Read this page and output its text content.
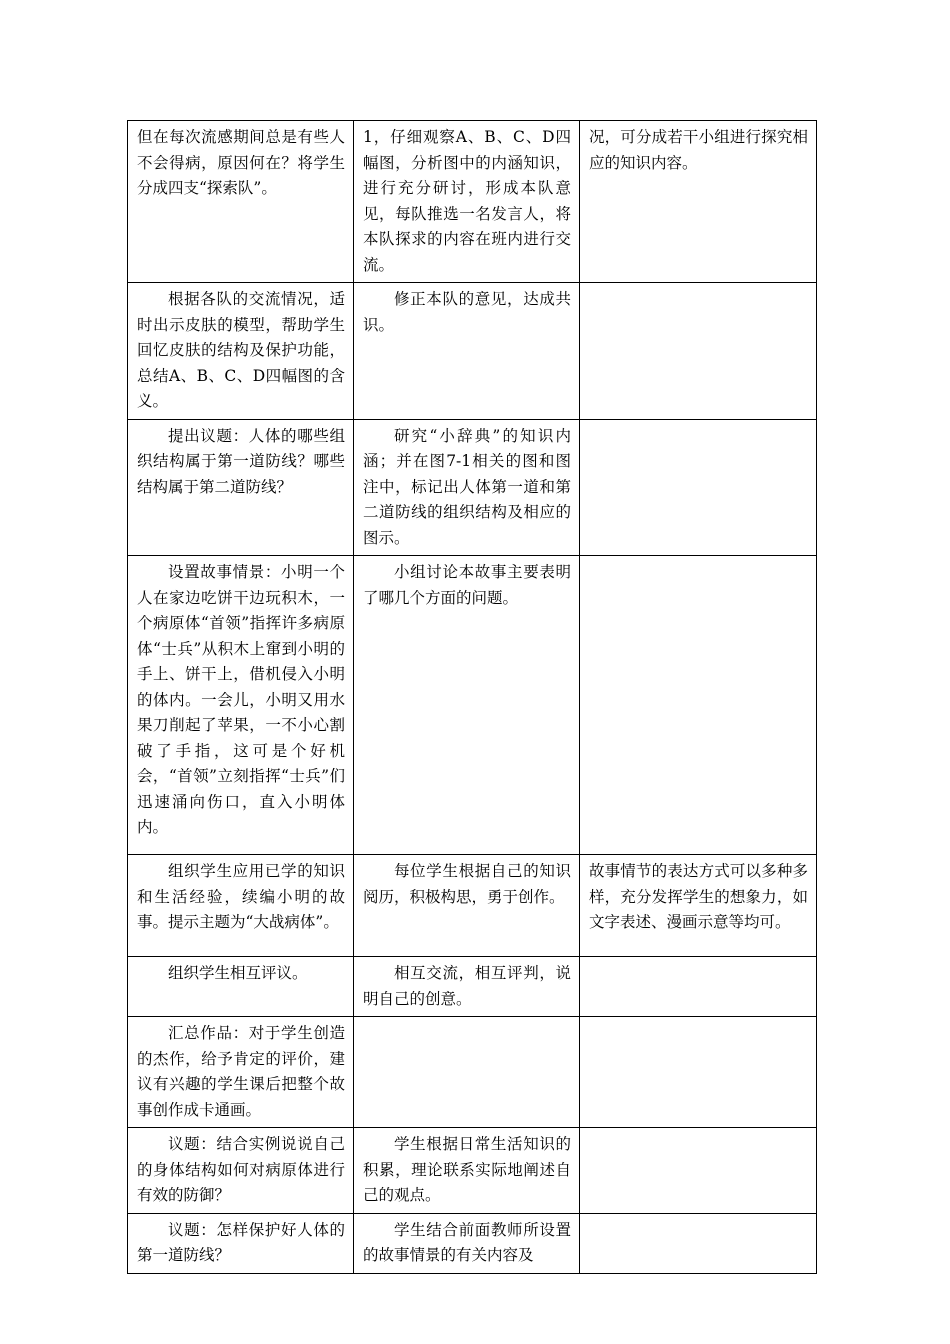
但在每次流感期间总是有些人不会得病，原因何在？将学生分成四支“探索队”。	1，仔细观察A、B、C、D四幅图，分析图中的内涵知识，进行充分研讨，形成本队意见，每队推选一名发言人，将本队探求的内容在班内进行交流。	况，可分成若干小组进行探究相应的知识内容。
根据各队的交流情况，适时出示皮肤的模型，帮助学生回忆皮肤的结构及保护功能，总结A、B、C、D四幅图的含义。	修正本队的意见，达成共识。	
提出议题：人体的哪些组织结构属于第一道防线？哪些结构属于第二道防线？	研究“小辞典”的知识内涵；并在图7-1相关的图和图注中，标记出人体第一道和第二道防线的组织结构及相应的图示。	
设置故事情景：小明一个人在家边吃饼干边玩积木，一个病原体“首领”指挥许多病原体“士兵”从积木上窜到小明的手上、饼干上，借机侵入小明的体内。一会儿，小明又用水果刀削起了苹果，一不小心割破了手指，这可是个好机会，“首领”立刻指挥“士兵”们迅速涌向伤口，直入小明体内。	小组讨论本故事主要表明了哪几个方面的问题。	
组织学生应用已学的知识和生活经验，续编小明的故事。提示主题为“大战病体”。	每位学生根据自己的知识阅历，积极构思，勇于创作。	故事情节的表达方式可以多种多样，充分发挥学生的想象力，如文字表述、漫画示意等均可。
组织学生相互评议。	相互交流，相互评判，说明自己的创意。	
汇总作品：对于学生创造的杰作，给予肯定的评价，建议有兴趣的学生课后把整个故事创作成卡通画。		
议题：结合实例说说自己的身体结构如何对病原体进行有效的防御？	学生根据日常生活知识的积累，理论联系实际地阐述自己的观点。	
议题：怎样保护好人体的第一道防线？	学生结合前面教师所设置的故事情景的有关内容及	
